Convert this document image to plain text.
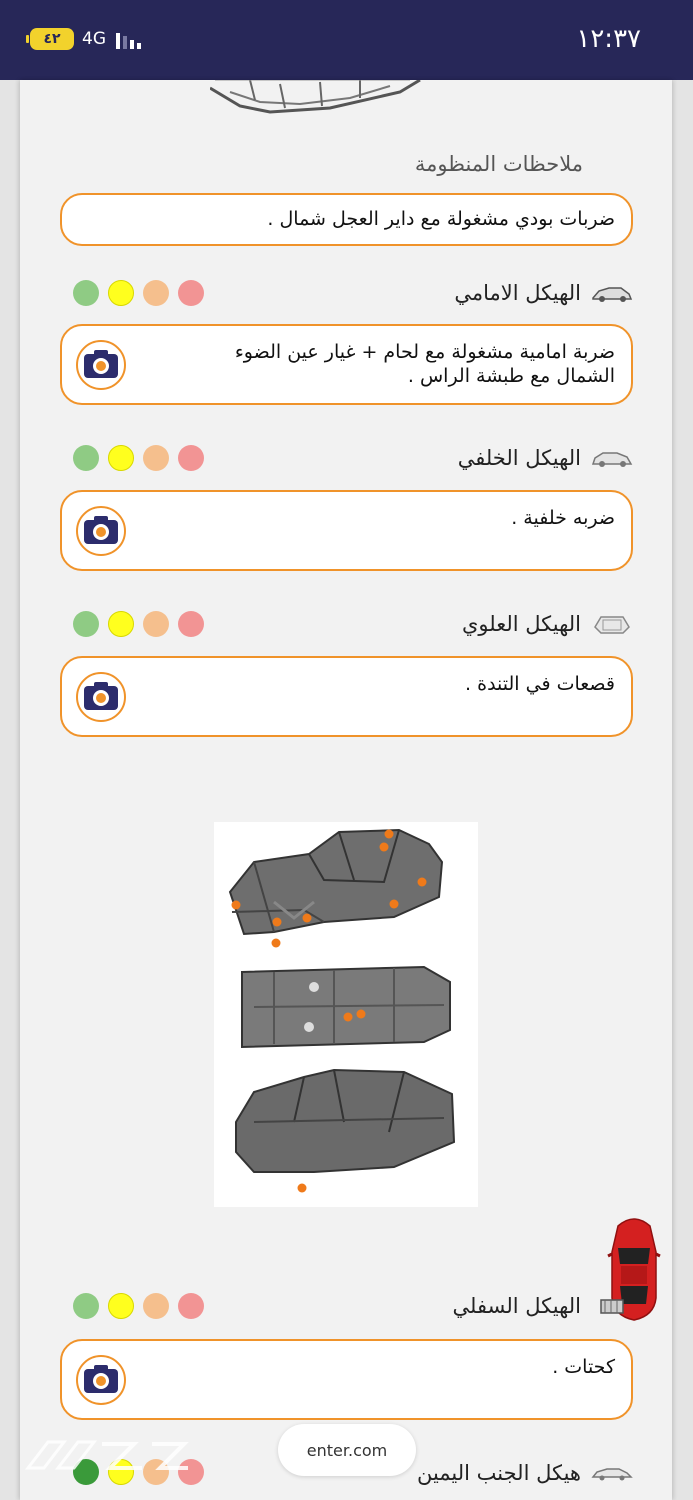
٤٢	4G	١٢:٣٧
ملاحظات المنظومة
ضربات بودي مشغولة مع داير العجل شمال .
الهيكل الامامي
ضربة امامية مشغولة مع لحام + غيار عين الضوء الشمال مع طبشة الراس .
الهيكل الخلفي
ضربه خلفية .
الهيكل العلوي
قصعات في التندة .
الهيكل السفلي
كحتات .
هيكل الجنب اليمين
enter.com
